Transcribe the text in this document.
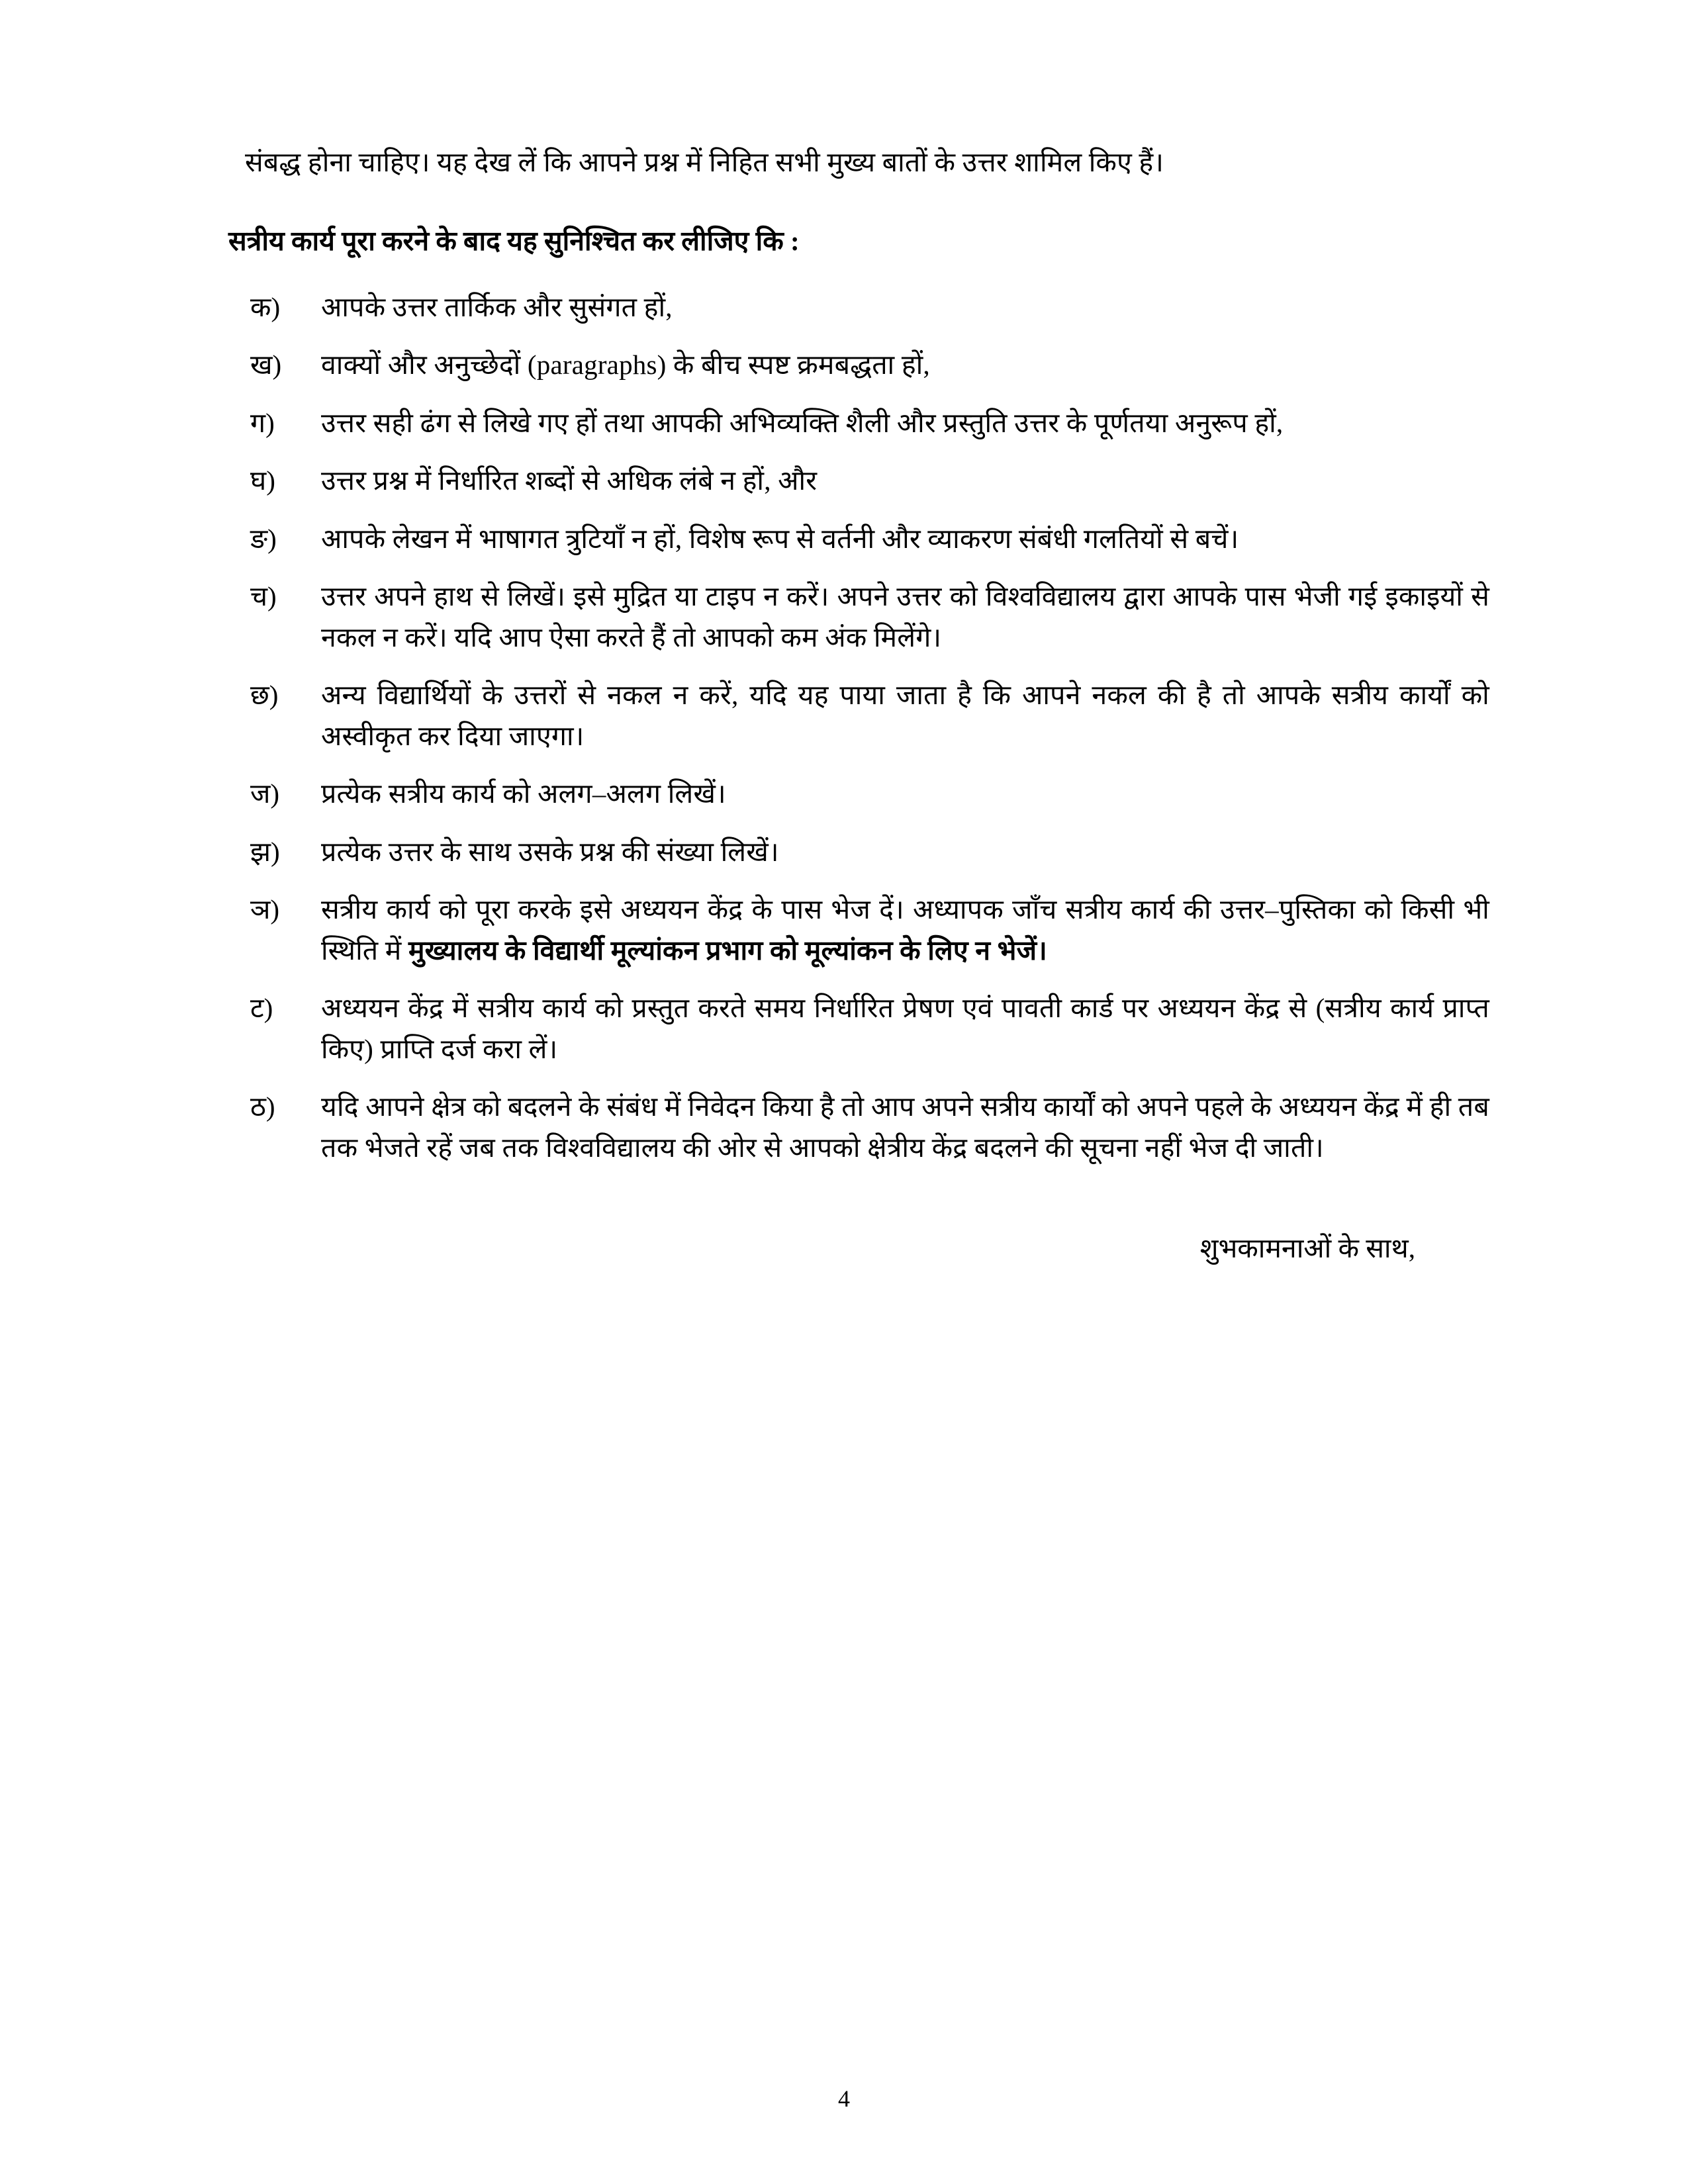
संबद्ध होना चाहिए। यह देख लें कि आपने प्रश्न में निहित सभी मुख्य बातों के उत्तर शामिल किए हैं।

सत्रीय कार्य पूरा करने के बाद यह सुनिश्चित कर लीजिए कि :
क)	आपके उत्तर तार्किक और सुसंगत हों,
ख)	वाक्यों और अनुच्छेदों (paragraphs) के बीच स्पष्ट क्रमबद्धता हों,
ग)	उत्तर सही ढंग से लिखे गए हों तथा आपकी अभिव्यक्ति शैली और प्रस्तुति उत्तर के पूर्णतया अनुरूप हों,
घ)	उत्तर प्रश्न में निर्धारित शब्दों से अधिक लंबे न हों, और
ङ)	आपके लेखन में भाषागत त्रुटियाँ न हों, विशेष रूप से वर्तनी और व्याकरण संबंधी गलतियों से बचें।
च)	उत्तर अपने हाथ से लिखें। इसे मुद्रित या टाइप न करें। अपने उत्तर को विश्वविद्यालय द्वारा आपके पास भेजी गई इकाइयों से नकल न करें। यदि आप ऐसा करते हैं तो आपको कम अंक मिलेंगे।
छ)	अन्य विद्यार्थियों के उत्तरों से नकल न करें, यदि यह पाया जाता है कि आपने नकल की है तो आपके सत्रीय कार्यों को अस्वीकृत कर दिया जाएगा।
ज)	प्रत्येक सत्रीय कार्य को अलग–अलग लिखें।
झ)	प्रत्येक उत्तर के साथ उसके प्रश्न की संख्या लिखें।
ञ)	सत्रीय कार्य को पूरा करके इसे अध्ययन केंद्र के पास भेज दें। अध्यापक जाँच सत्रीय कार्य की उत्तर–पुस्तिका को किसी भी स्थिति में मुख्यालय के विद्यार्थी मूल्यांकन प्रभाग को मूल्यांकन के लिए न भेजें।
ट)	अध्ययन केंद्र में सत्रीय कार्य को प्रस्तुत करते समय निर्धारित प्रेषण एवं पावती कार्ड पर अध्ययन केंद्र से (सत्रीय कार्य प्राप्त किए) प्राप्ति दर्ज करा लें।
ठ)	यदि आपने क्षेत्र को बदलने के संबंध में निवेदन किया है तो आप अपने सत्रीय कार्यों को अपने पहले के अध्ययन केंद्र में ही तब तक भेजते रहें जब तक विश्वविद्यालय की ओर से आपको क्षेत्रीय केंद्र बदलने की सूचना नहीं भेज दी जाती।
शुभकामनाओं के साथ,
4
